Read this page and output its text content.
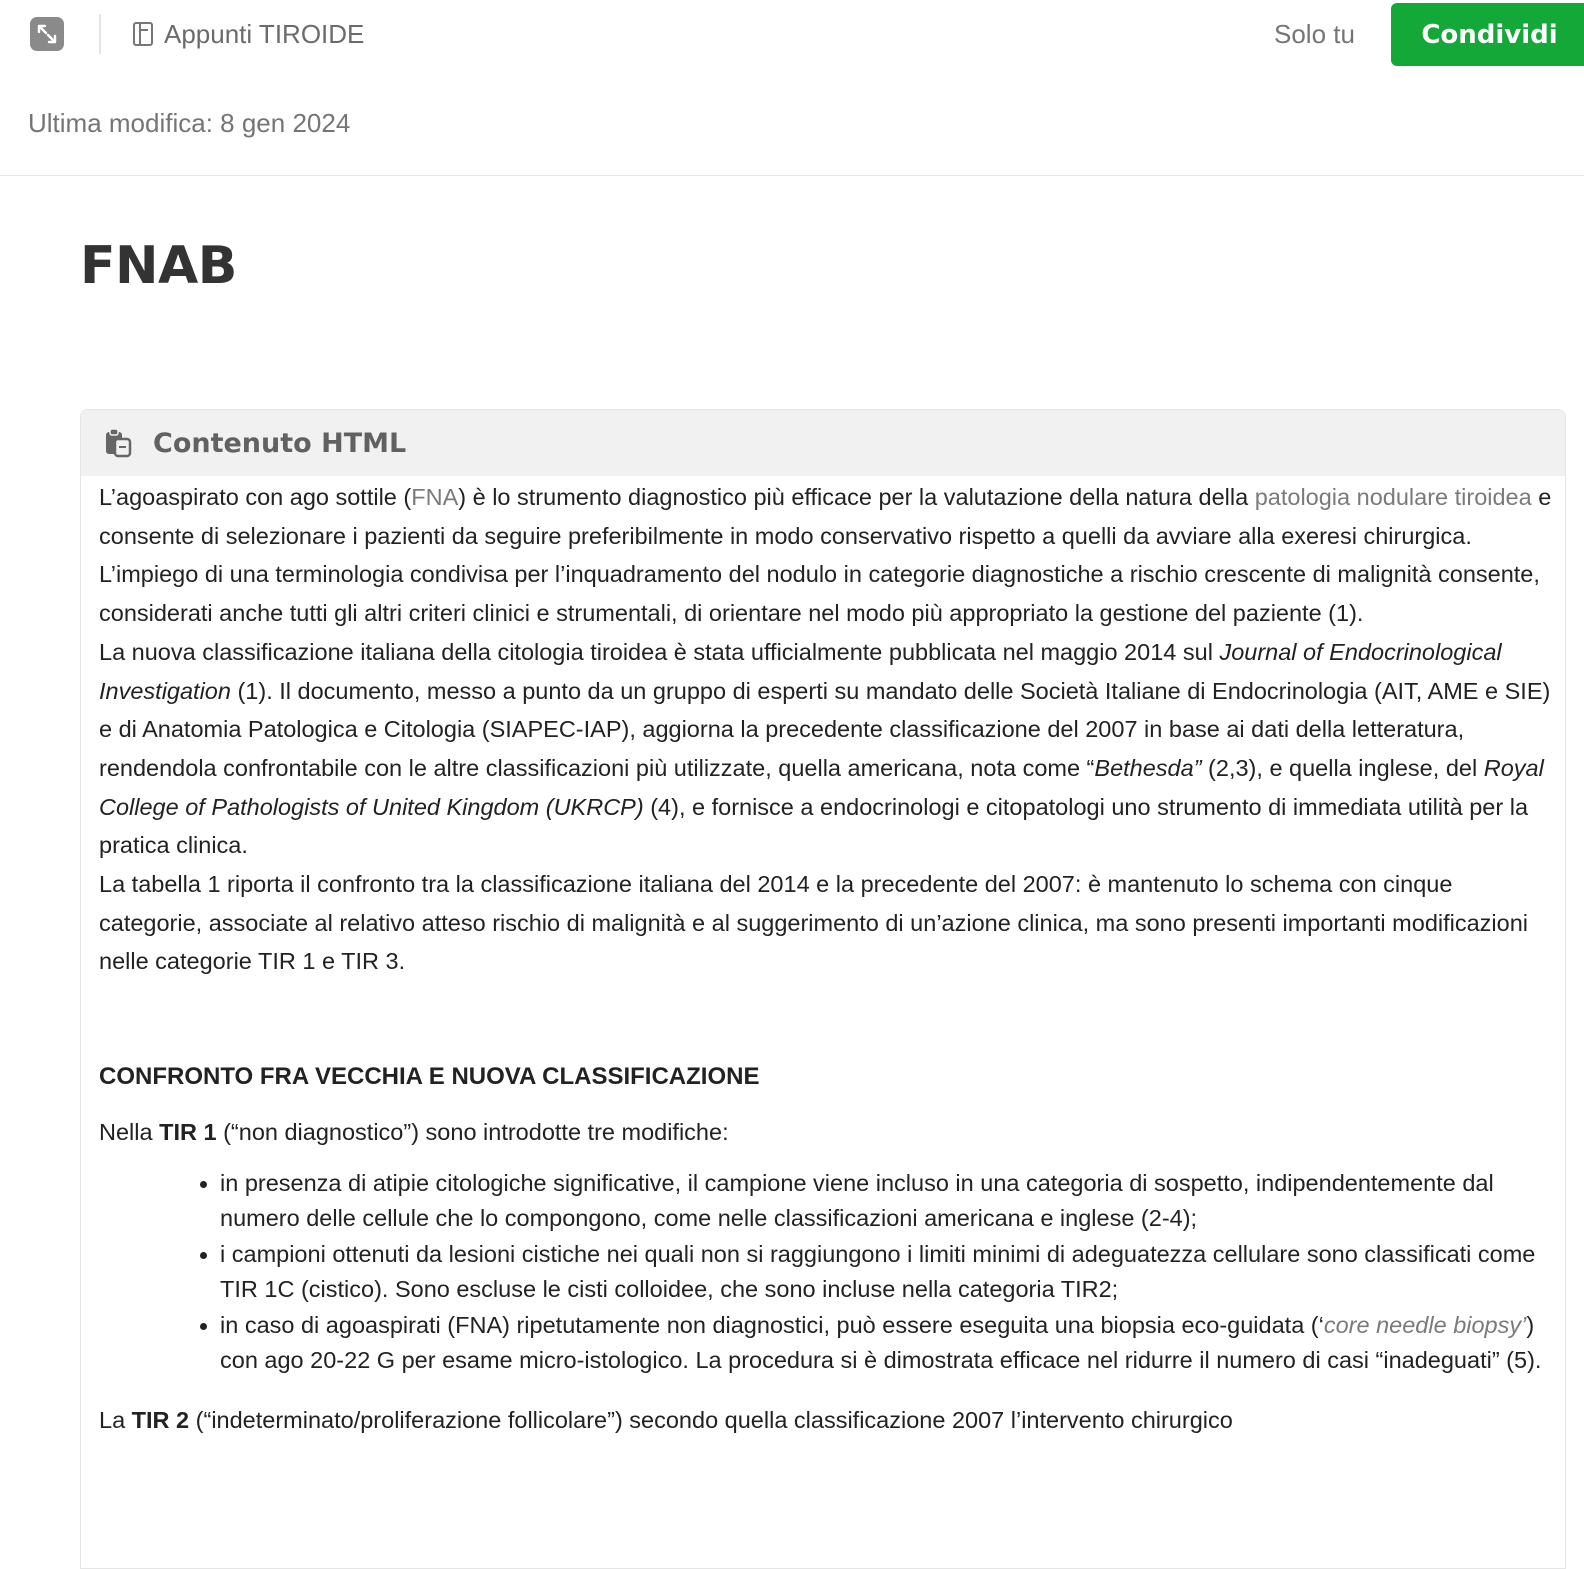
Appunti TIROIDE	Solo tu	Condividi
Ultima modifica: 8 gen 2024
FNAB
Contenuto HTML

L’agoaspirato con ago sottile (FNA) è lo strumento diagnostico più efficace per la valutazione della natura della patologia nodulare tiroidea e consente di selezionare i pazienti da seguire preferibilmente in modo conservativo rispetto a quelli da avviare alla exeresi chirurgica. L’impiego di una terminologia condivisa per l’inquadramento del nodulo in categorie diagnostiche a rischio crescente di malignità consente, considerati anche tutti gli altri criteri clinici e strumentali, di orientare nel modo più appropriato la gestione del paziente (1).

La nuova classificazione italiana della citologia tiroidea è stata ufficialmente pubblicata nel maggio 2014 sul Journal of Endocrinological Investigation (1). Il documento, messo a punto da un gruppo di esperti su mandato delle Società Italiane di Endocrinologia (AIT, AME e SIE) e di Anatomia Patologica e Citologia (SIAPEC-IAP), aggiorna la precedente classificazione del 2007 in base ai dati della letteratura, rendendola confrontabile con le altre classificazioni più utilizzate, quella americana, nota come “Bethesda” (2,3), e quella inglese, del Royal College of Pathologists of United Kingdom (UKRCP) (4), e fornisce a endocrinologi e citopatologi uno strumento di immediata utilità per la pratica clinica.

La tabella 1 riporta il confronto tra la classificazione italiana del 2014 e la precedente del 2007: è mantenuto lo schema con cinque categorie, associate al relativo atteso rischio di malignità e al suggerimento di un’azione clinica, ma sono presenti importanti modificazioni nelle categorie TIR 1 e TIR 3.

CONFRONTO FRA VECCHIA E NUOVA CLASSIFICAZIONE

Nella TIR 1 (“non diagnostico”) sono introdotte tre modifiche:

in presenza di atipie citologiche significative, il campione viene incluso in una categoria di sospetto, indipendentemente dal numero delle cellule che lo compongono, come nelle classificazioni americana e inglese (2-4);
i campioni ottenuti da lesioni cistiche nei quali non si raggiungono i limiti minimi di adeguatezza cellulare sono classificati come TIR 1C (cistico). Sono escluse le cisti colloidee, che sono incluse nella categoria TIR2;
in caso di agoaspirati (FNA) ripetutamente non diagnostici, può essere eseguita una biopsia eco-guidata (‘core needle biopsy’) con ago 20-22 G per esame micro-istologico. La procedura si è dimostrata efficace nel ridurre il numero di casi “inadeguati” (5).

La TIR 2 (“indeterminato/proliferazione follicolare”) secondo quella classificazione 2007 l’intervento chirurgico
